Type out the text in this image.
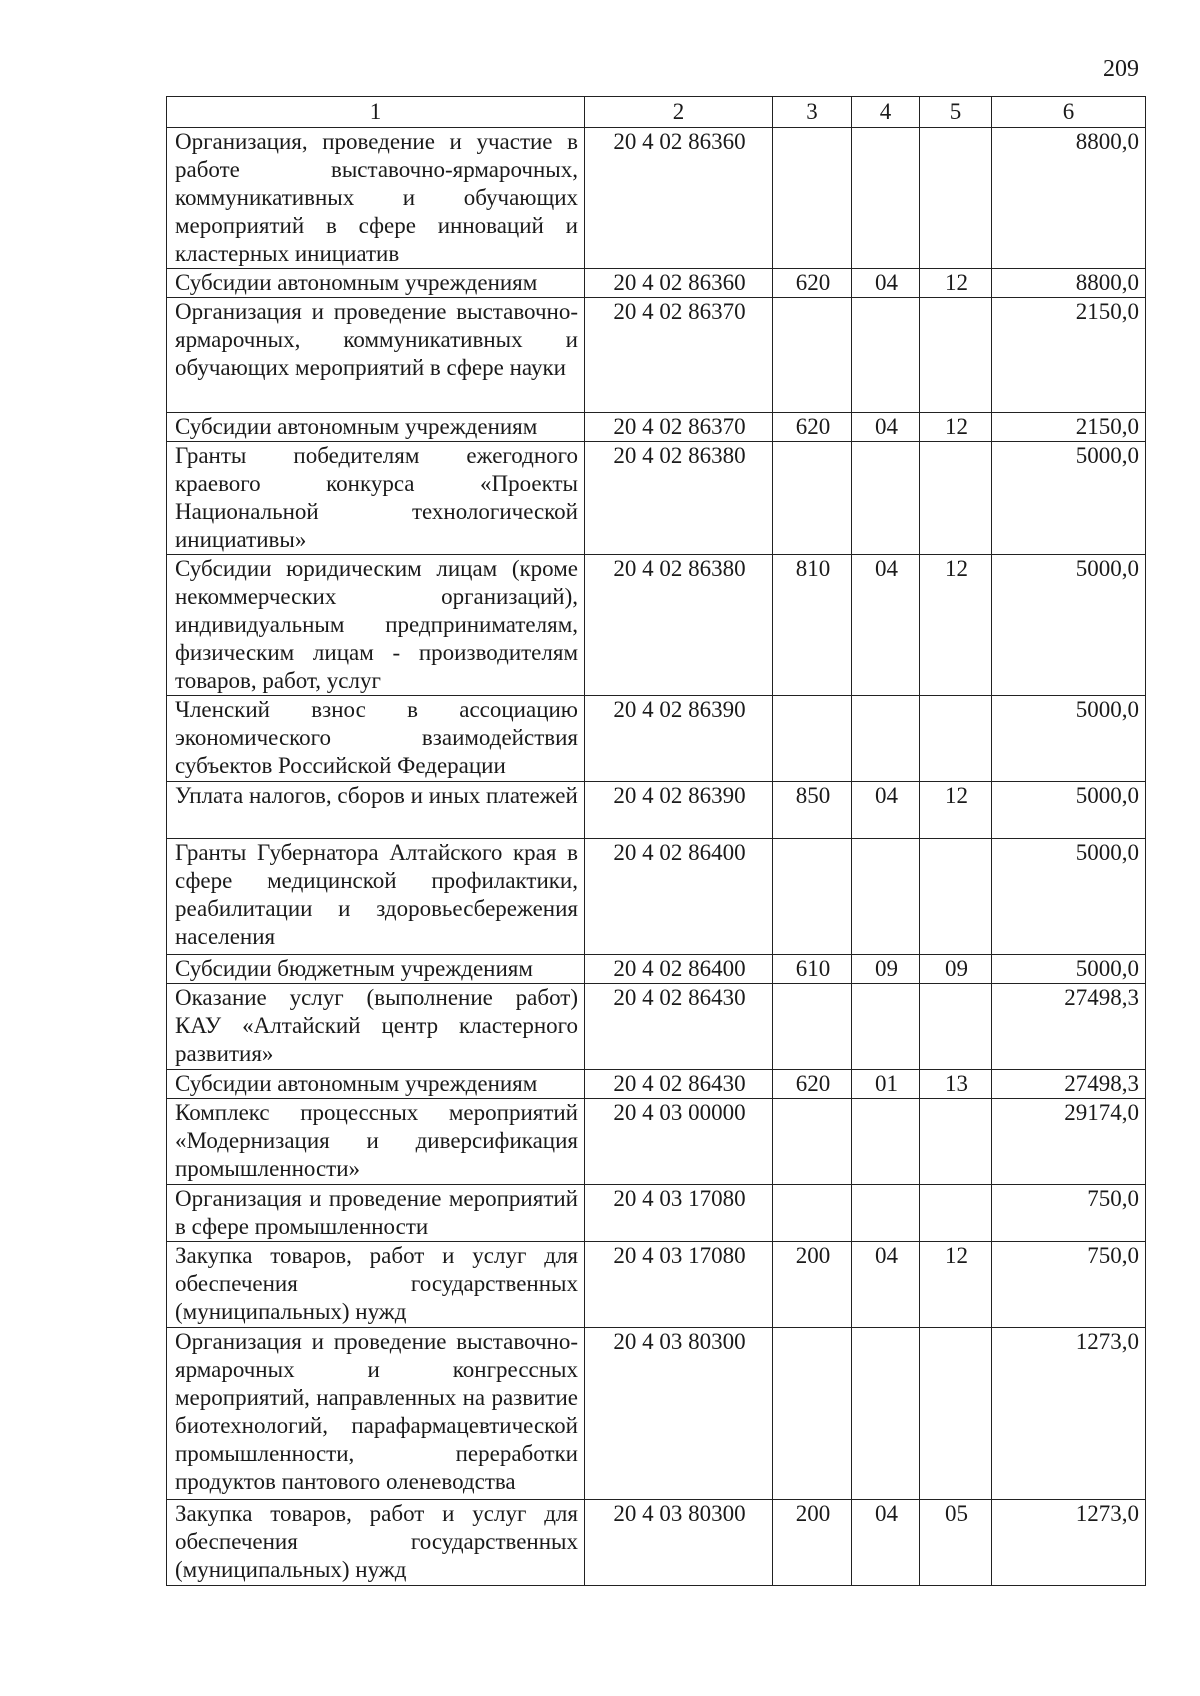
209
1	2	3	4	5	6
Организация, проведение и участие в работе выставочно-ярмарочных, коммуникативных и обучающих мероприятий в сфере инноваций и кластерных инициатив	20 4 02 86360				8800,0
Субсидии автономным учреждениям	20 4 02 86360	620	04	12	8800,0
Организация и проведение выставочно-ярмарочных, коммуникативных и обучающих мероприятий в сфере науки	20 4 02 86370				2150,0
Субсидии автономным учреждениям	20 4 02 86370	620	04	12	2150,0
Гранты победителям ежегодного краевого конкурса «Проекты Национальной технологической инициативы»	20 4 02 86380				5000,0
Субсидии юридическим лицам (кроме некоммерческих организаций), индивидуальным предпринимателям, физическим лицам - производителям товаров, работ, услуг	20 4 02 86380	810	04	12	5000,0
Членский взнос в ассоциацию экономического взаимодействия субъектов Российской Федерации	20 4 02 86390				5000,0
Уплата налогов, сборов и иных платежей	20 4 02 86390	850	04	12	5000,0
Гранты Губернатора Алтайского края в сфере медицинской профилактики, реабилитации и здоровьесбережения населения	20 4 02 86400				5000,0
Субсидии бюджетным учреждениям	20 4 02 86400	610	09	09	5000,0
Оказание услуг (выполнение работ) КАУ «Алтайский центр кластерного развития»	20 4 02 86430				27498,3
Субсидии автономным учреждениям	20 4 02 86430	620	01	13	27498,3
Комплекс процессных мероприятий «Модернизация и диверсификация промышленности»	20 4 03 00000				29174,0
Организация и проведение мероприятий в сфере промышленности	20 4 03 17080				750,0
Закупка товаров, работ и услуг для обеспечения государственных (муниципальных) нужд	20 4 03 17080	200	04	12	750,0
Организация и проведение выставочно-ярмарочных и конгрессных мероприятий, направленных на развитие биотехнологий, парафармацевтической промышленности, переработки продуктов пантового оленеводства	20 4 03 80300				1273,0
Закупка товаров, работ и услуг для обеспечения государственных (муниципальных) нужд	20 4 03 80300	200	04	05	1273,0
